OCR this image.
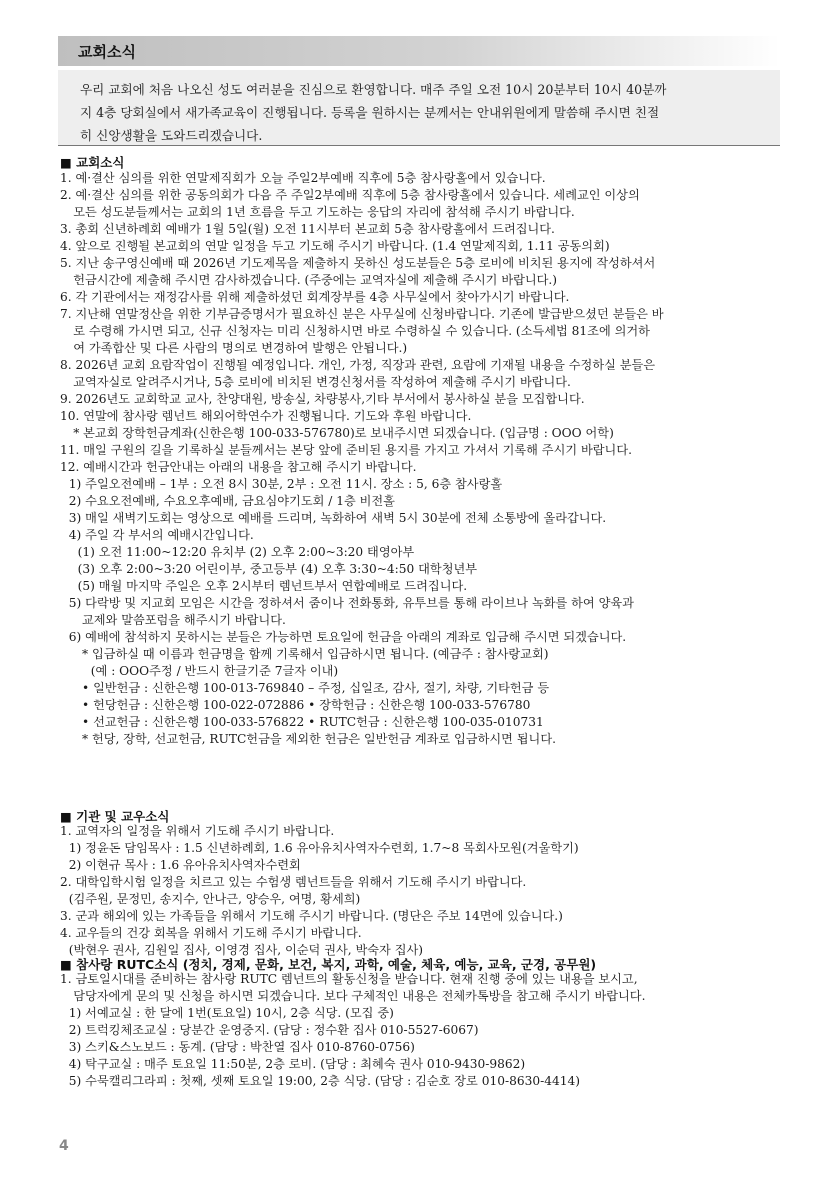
교회소식
우리 교회에 처음 나오신 성도 여러분을 진심으로 환영합니다. 매주 주일 오전 10시 20분부터 10시 40분까
지 4층 당회실에서 새가족교육이 진행됩니다. 등록을 원하시는 분께서는 안내위원에게 말씀해 주시면 친절
히 신앙생활을 도와드리겠습니다.
■ 교회소식
1. 예·결산 심의를 위한 연말제직회가 오늘 주일2부예배 직후에 5층 참사랑홀에서 있습니다.
2. 예·결산 심의를 위한 공동의회가 다음 주 주일2부예배 직후에 5층 참사랑홀에서 있습니다. 세례교인 이상의
모든 성도분들께서는 교회의 1년 흐름을 두고 기도하는 응답의 자리에 참석해 주시기 바랍니다.
3. 총회 신년하례회 예배가 1월 5일(월) 오전 11시부터 본교회 5층 참사랑홀에서 드려집니다.
4. 앞으로 진행될 본교회의 연말 일정을 두고 기도해 주시기 바랍니다. (1.4 연말제직회, 1.11 공동의회)
5. 지난 송구영신예배 때 2026년 기도제목을 제출하지 못하신 성도분들은 5층 로비에 비치된 용지에 작성하셔서
헌금시간에 제출해 주시면 감사하겠습니다. (주중에는 교역자실에 제출해 주시기 바랍니다.)
6. 각 기관에서는 재정감사를 위해 제출하셨던 회계장부를 4층 사무실에서 찾아가시기 바랍니다.
7. 지난해 연말정산을 위한 기부금증명서가 필요하신 분은 사무실에 신청바랍니다. 기존에 발급받으셨던 분들은 바
로 수령해 가시면 되고, 신규 신청자는 미리 신청하시면 바로 수령하실 수 있습니다. (소득세법 81조에 의거하
여 가족합산 및 다른 사람의 명의로 변경하여 발행은 안됩니다.)
8. 2026년 교회 요람작업이 진행될 예정입니다. 개인, 가정, 직장과 관련, 요람에 기재될 내용을 수정하실 분들은
교역자실로 알려주시거나, 5층 로비에 비치된 변경신청서를 작성하여 제출해 주시기 바랍니다.
9. 2026년도 교회학교 교사, 찬양대원, 방송실, 차량봉사,기타 부서에서 봉사하실 분을 모집합니다.
10. 연말에 참사랑 렘넌트 해외어학연수가 진행됩니다. 기도와 후원 바랍니다.
* 본교회 장학헌금계좌(신한은행 100-033-576780)로 보내주시면 되겠습니다. (입금명 : OOO 어학)
11. 매일 구원의 길을 기록하실 분들께서는 본당 앞에 준비된 용지를 가지고 가셔서 기록해 주시기 바랍니다.
12. 예배시간과 헌금안내는 아래의 내용을 참고해 주시기 바랍니다.
1) 주일오전예배 – 1부 : 오전 8시 30분, 2부 : 오전 11시. 장소 : 5, 6층 참사랑홀
2) 수요오전예배, 수요오후예배, 금요심야기도회 / 1층 비전홀
3) 매일 새벽기도회는 영상으로 예배를 드리며, 녹화하여 새벽 5시 30분에 전체 소통방에 올라갑니다.
4) 주일 각 부서의 예배시간입니다.
(1) 오전 11:00~12:20 유치부 (2) 오후 2:00~3:20 태영아부
(3) 오후 2:00~3:20 어린이부, 중고등부 (4) 오후 3:30~4:50 대학청년부
(5) 매월 마지막 주일은 오후 2시부터 렘넌트부서 연합예배로 드려집니다.
5) 다락방 및 지교회 모임은 시간을 정하셔서 줌이나 전화통화, 유투브를 통해 라이브나 녹화를 하여 양육과
교제와 말씀포럼을 해주시기 바랍니다.
6) 예배에 참석하지 못하시는 분들은 가능하면 토요일에 헌금을 아래의 계좌로 입금해 주시면 되겠습니다.
* 입금하실 때 이름과 헌금명을 함께 기록해서 입금하시면 됩니다. (예금주 : 참사랑교회)
(예 : OOO주정 / 반드시 한글기준 7글자 이내)
• 일반헌금 : 신한은행 100-013-769840 – 주정, 십일조, 감사, 절기, 차량, 기타헌금 등
• 헌당헌금 : 신한은행 100-022-072886 • 장학헌금 : 신한은행 100-033-576780
• 선교헌금 : 신한은행 100-033-576822 • RUTC헌금 : 신한은행 100-035-010731
* 헌당, 장학, 선교헌금, RUTC헌금을 제외한 헌금은 일반헌금 계좌로 입금하시면 됩니다.
■ 기관 및 교우소식
1. 교역자의 일정을 위해서 기도해 주시기 바랍니다.
1) 정윤돈 담임목사 : 1.5 신년하례회, 1.6 유아유치사역자수련회, 1.7~8 목회사모원(겨울학기)
2) 이현규 목사 : 1.6 유아유치사역자수련회
2. 대학입학시험 일정을 치르고 있는 수험생 렘넌트들을 위해서 기도해 주시기 바랍니다.
(김주원, 문정민, 송지수, 안나근, 양승우, 여명, 황세희)
3. 군과 해외에 있는 가족들을 위해서 기도해 주시기 바랍니다. (명단은 주보 14면에 있습니다.)
4. 교우들의 건강 회복을 위해서 기도해 주시기 바랍니다.
(박현우 권사, 김원일 집사, 이영경 집사, 이순덕 권사, 박숙자 집사)
■ 참사랑 RUTC소식 (정치, 경제, 문화, 보건, 복지, 과학, 예술, 체육, 예능, 교육, 군경, 공무원)
1. 금토일시대를 준비하는 참사랑 RUTC 렘넌트의 활동신청을 받습니다. 현재 진행 중에 있는 내용을 보시고,
담당자에게 문의 및 신청을 하시면 되겠습니다. 보다 구체적인 내용은 전체카톡방을 참고해 주시기 바랍니다.
1) 서예교실 : 한 달에 1번(토요일) 10시, 2층 식당. (모집 중)
2) 트럭킹체조교실 : 당분간 운영중지. (담당 : 정수환 집사 010-5527-6067)
3) 스키&스노보드 : 동계. (담당 : 박찬열 집사 010-8760-0756)
4) 탁구교실 : 매주 토요일 11:50분, 2층 로비. (담당 : 최혜숙 권사 010-9430-9862)
5) 수묵캘리그라피 : 첫째, 셋째 토요일 19:00, 2층 식당. (담당 : 김순호 장로 010-8630-4414)
4
